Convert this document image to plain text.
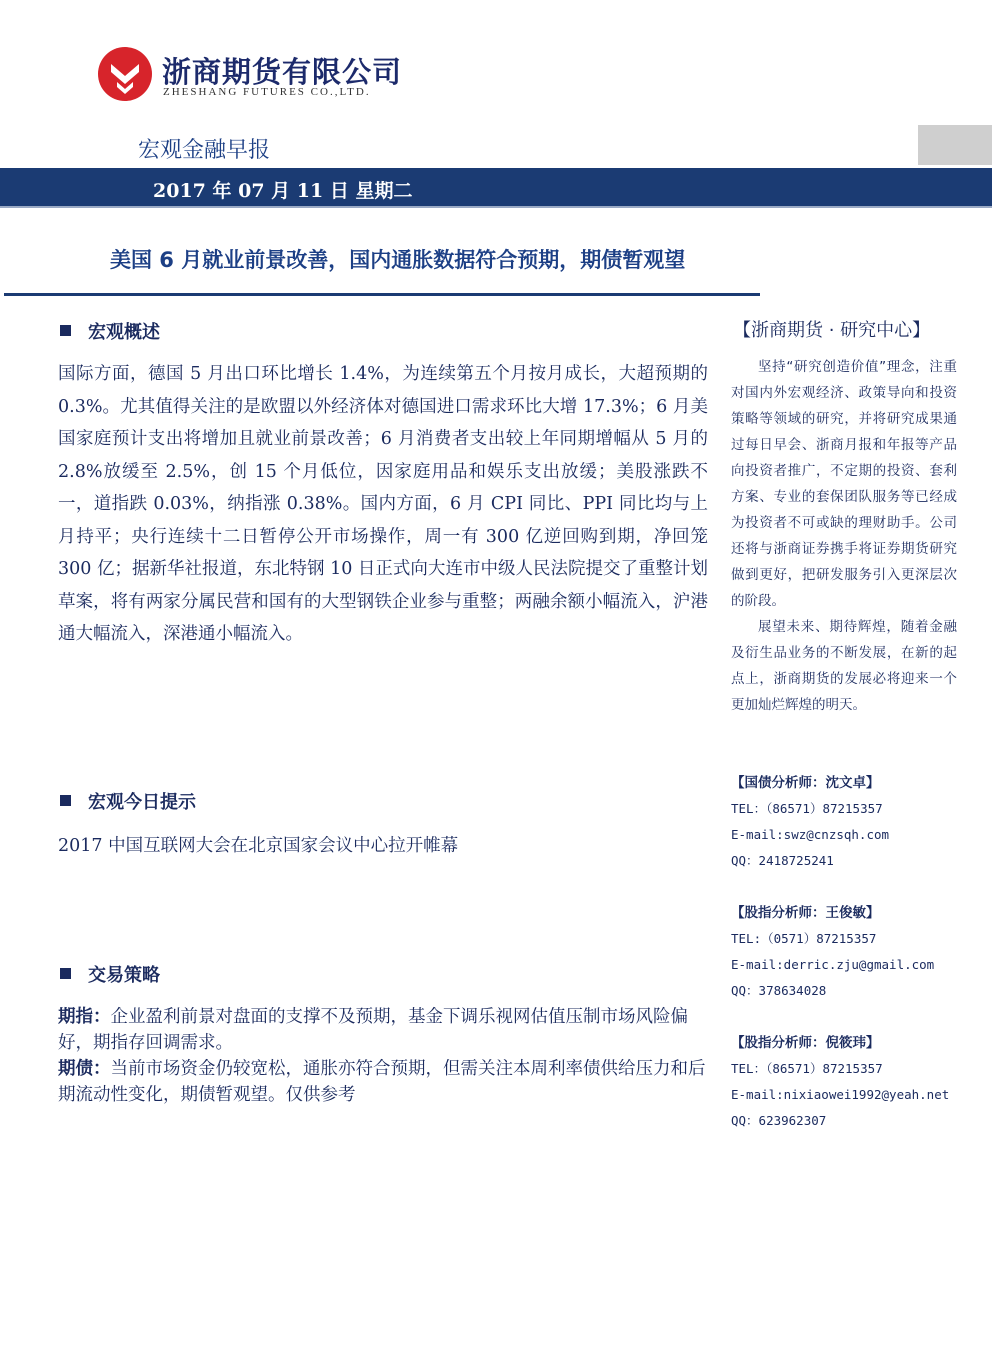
浙商期货有限公司
ZHESHANG FUTURES CO.,LTD.
宏观金融早报
2017 年 07 月 11 日 星期二
美国 6 月就业前景改善，国内通胀数据符合预期，期债暂观望
宏观概述
国际方面，德国 5 月出口环比增长 1.4%，为连续第五个月按月成长，大超预期的 0.3%。尤其值得关注的是欧盟以外经济体对德国进口需求环比大增 17.3%；6 月美国家庭预计支出将增加且就业前景改善；6 月消费者支出较上年同期增幅从 5 月的 2.8%放缓至 2.5%，创 15 个月低位，因家庭用品和娱乐支出放缓；美股涨跌不一，道指跌 0.03%，纳指涨 0.38%。国内方面，6 月 CPI 同比、PPI 同比均与上月持平；央行连续十二日暂停公开市场操作，周一有 300 亿逆回购到期，净回笼 300 亿；据新华社报道，东北特钢 10 日正式向大连市中级人民法院提交了重整计划草案，将有两家分属民营和国有的大型钢铁企业参与重整；两融余额小幅流入，沪港通大幅流入，深港通小幅流入。
宏观今日提示
2017 中国互联网大会在北京国家会议中心拉开帷幕
交易策略

期指：企业盈利前景对盘面的支撑不及预期，基金下调乐视网估值压制市场风险偏好，期指存回调需求。

期债：当前市场资金仍较宽松，通胀亦符合预期，但需关注本周利率债供给压力和后期流动性变化，期债暂观望。仅供参考

【浙商期货 · 研究中心】

坚持“研究创造价值”理念，注重对国内外宏观经济、政策导向和投资策略等领域的研究，并将研究成果通过每日早会、浙商月报和年报等产品向投资者推广，不定期的投资、套利方案、专业的套保团队服务等已经成为投资者不可或缺的理财助手。公司还将与浙商证券携手将证券期货研究做到更好，把研发服务引入更深层次的阶段。

展望未来、期待辉煌，随着金融及衍生品业务的不断发展，在新的起点上，浙商期货的发展必将迎来一个更加灿烂辉煌的明天。

【国债分析师：沈文卓】
TEL：（86571）87215357
E-mail:swz@cnzsqh.com
QQ：2418725241
【股指分析师：王俊敏】
TEL:（0571）87215357
E-mail:derric.zju@gmail.com
QQ：378634028
【股指分析师：倪筱玮】
TEL：（86571）87215357
E-mail:nixiaowei1992@yeah.net
QQ：623962307
